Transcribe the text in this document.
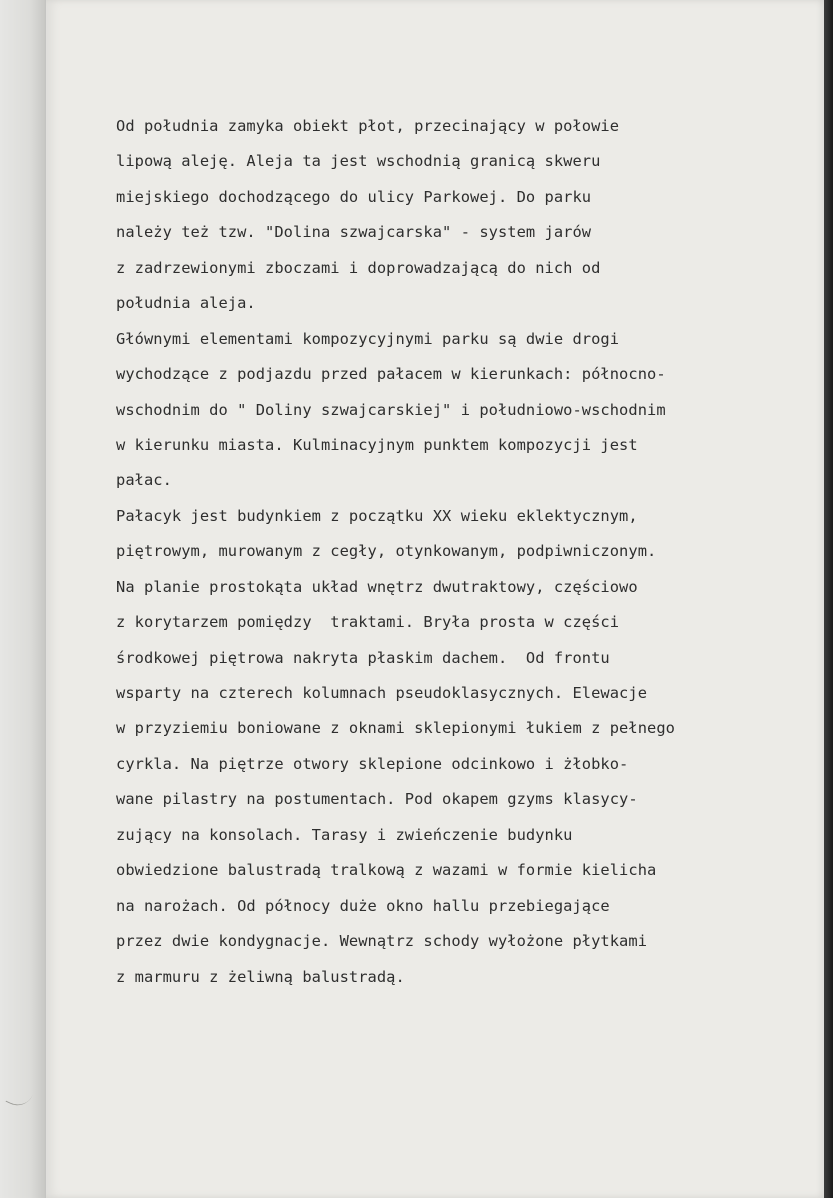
Od południa zamyka obiekt płot, przecinający w połowie
lipową aleję. Aleja ta jest wschodnią granicą skweru
miejskiego dochodzącego do ulicy Parkowej. Do parku
należy też tzw. "Dolina szwajcarska" - system jarów
z zadrzewionymi zboczami i doprowadzającą do nich od
południa aleja.
Głównymi elementami kompozycyjnymi parku są dwie drogi
wychodzące z podjazdu przed pałacem w kierunkach: północno-
wschodnim do " Doliny szwajcarskiej" i południowo-wschodnim
w kierunku miasta. Kulminacyjnym punktem kompozycji jest
pałac.
Pałacyk jest budynkiem z początku XX wieku eklektycznym,
piętrowym, murowanym z cegły, otynkowanym, podpiwniczonym.
Na planie prostokąta układ wnętrz dwutraktowy, częściowo
z korytarzem pomiędzy  traktami. Bryła prosta w części
środkowej piętrowa nakryta płaskim dachem.  Od frontu
wsparty na czterech kolumnach pseudoklasycznych. Elewacje
w przyziemiu boniowane z oknami sklepionymi łukiem z pełnego
cyrkla. Na piętrze otwory sklepione odcinkowo i żłobko-
wane pilastry na postumentach. Pod okapem gzyms klasycy-
zujący na konsolach. Tarasy i zwieńczenie budynku
obwiedzione balustradą tralkową z wazami w formie kielicha
na narożach. Od północy duże okno hallu przebiegające
przez dwie kondygnacje. Wewnątrz schody wyłożone płytkami
z marmuru z żeliwną balustradą.
